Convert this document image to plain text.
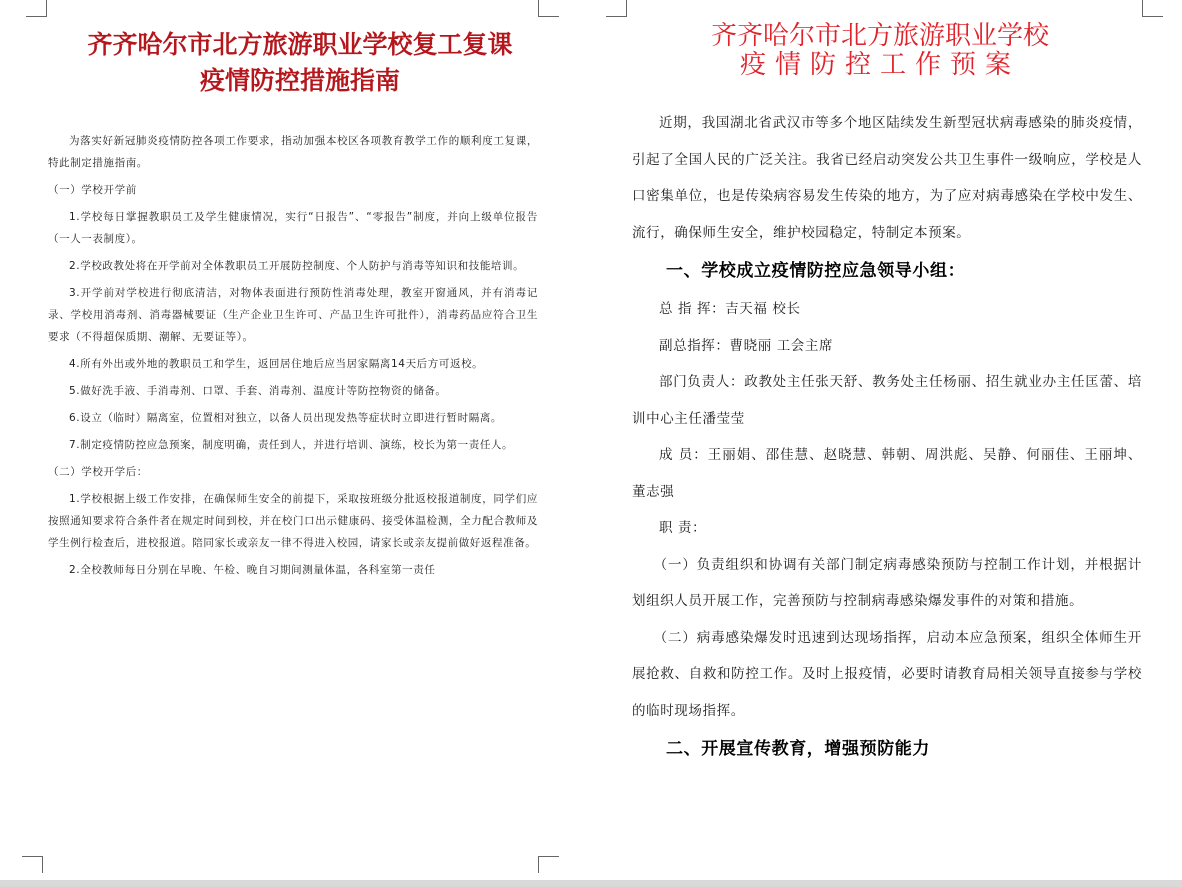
齐齐哈尔市北方旅游职业学校复工复课
疫情防控措施指南

为落实好新冠肺炎疫情防控各项工作要求，指动加强本校区各项教育教学工作的顺利度工复课，特此制定措施指南。

（一）学校开学前

1.学校每日掌握教职员工及学生健康情况，实行“日报告”、“零报告”制度，并向上级单位报告（一人一表制度）。

2.学校政教处将在开学前对全体教职员工开展防控制度、个人防护与消毒等知识和技能培训。

3.开学前对学校进行彻底清洁，对物体表面进行预防性消毒处理，教室开窗通风，并有消毒记录、学校用消毒剂、消毒器械要证（生产企业卫生许可、产品卫生许可批件），消毒药品应符合卫生要求（不得超保质期、潮解、无要证等）。

4.所有外出或外地的教职员工和学生，返回居住地后应当居家隔离14天后方可返校。

5.做好洗手液、手消毒剂、口罩、手套、消毒剂、温度计等防控物资的储备。

6.设立（临时）隔离室，位置相对独立，以备人员出现发热等症状时立即进行暂时隔离。

7.制定疫情防控应急预案，制度明确，责任到人，并进行培训、演练，校长为第一责任人。

（二）学校开学后：

1.学校根据上级工作安排，在确保师生安全的前提下，采取按班级分批返校报道制度，同学们应按照通知要求符合条件者在规定时间到校，并在校门口出示健康码、接受体温检测，全力配合教师及学生例行检查后，进校报道。陪同家长或亲友一律不得进入校园，请家长或亲友提前做好返程准备。

2.全校教师每日分别在早晚、午检、晚自习期间测量体温，各科室第一责任

齐齐哈尔市北方旅游职业学校
疫情防控工作预案

近期，我国湖北省武汉市等多个地区陆续发生新型冠状病毒感染的肺炎疫情，引起了全国人民的广泛关注。我省已经启动突发公共卫生事件一级响应，学校是人口密集单位，也是传染病容易发生传染的地方，为了应对病毒感染在学校中发生、流行，确保师生安全，维护校园稳定，特制定本预案。

一、学校成立疫情防控应急领导小组：

总 指 挥：吉天福 校长

副总指挥：曹晓丽 工会主席

部门负责人：政教处主任张天舒、教务处主任杨丽、招生就业办主任匡蕾、培训中心主任潘莹莹

成 员：王丽娟、邵佳慧、赵晓慧、韩朝、周洪彪、吴静、何丽佳、王丽坤、董志强

职 责：

（一）负责组织和协调有关部门制定病毒感染预防与控制工作计划，并根据计划组织人员开展工作，完善预防与控制病毒感染爆发事件的对策和措施。

（二）病毒感染爆发时迅速到达现场指挥，启动本应急预案，组织全体师生开展抢救、自救和防控工作。及时上报疫情，必要时请教育局相关领导直接参与学校的临时现场指挥。

二、开展宣传教育，增强预防能力
